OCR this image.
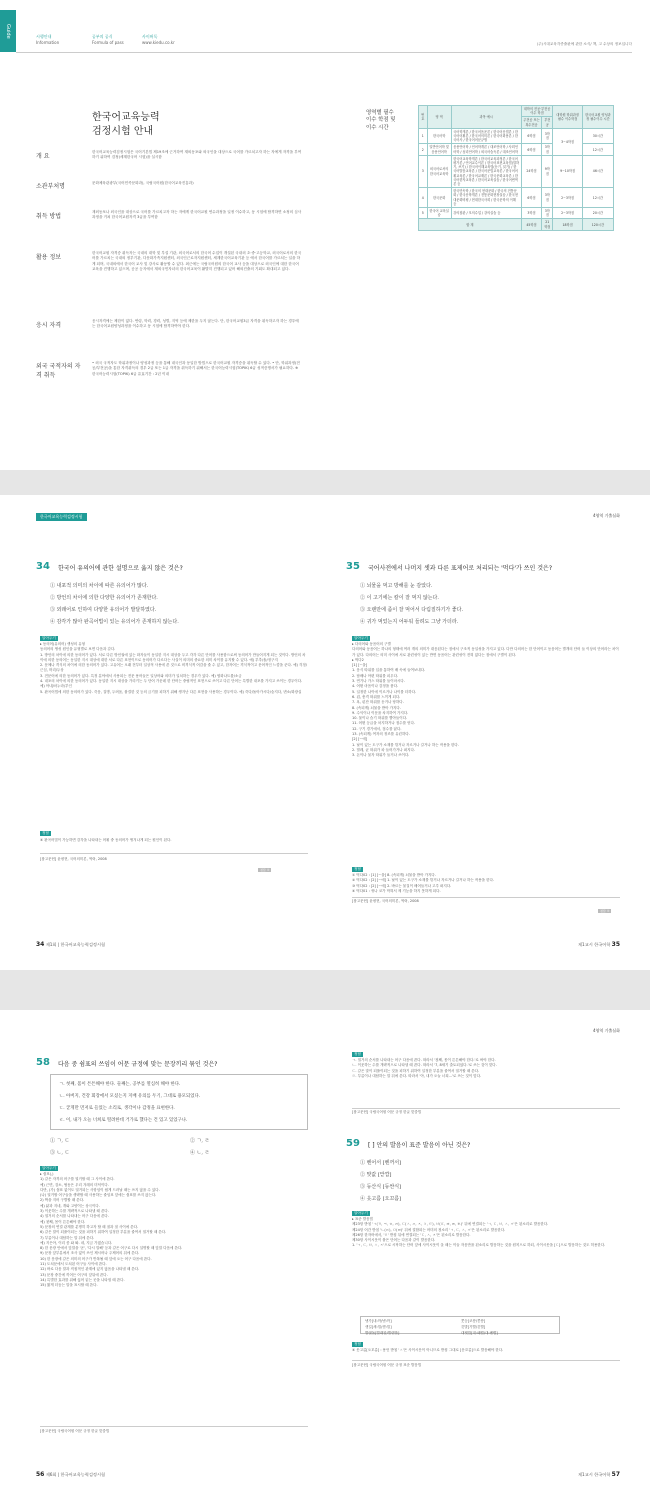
Guide	시행안내
Information
공부의 공식
Formula of pass
사이버독
www.kiedu.co.kr	(주)시대교육각종출판에 관한 소식/ 책, 고 수상의 정보입니다
한국어교육능력
검정시험 안내
개 요
한국어교육능력검정시험은 국어기본법 제19조에 근거하여 재외동포와 외국인을 대상으로 국어를 가르치고자 하는 자에게 자격을 부여하기 위하여 검정(세계한국어 시험)을 실시함
소관부처명	문화체육관광부(국어민족문화과), 국립국어원(한국어교육진흥과)
취득 방법
재외동포나 외국인을 대상으로 국어를 가르치고자 하는 자에게 한국어교원 연수과정을 일정 이수하고, 동 시험에 합격하면 소정의 심사과정을 거쳐 한국어교원자격 3급을 부여함
활용 정보
한국어교원 자격증 취득자는 국내의 대학 및 부설 기관, 외국어로서의 한국어 수업이 개설된 국내외 초·중·고등학교, 외국어로서의 한국어를 가르치는 국내외 정부기관, 다문화가족지원센터, 외국인근로자지원센터, 세계한국어교육기관 등 에서 한국어를 가르치는 일을 하게 되며, 국내외에서 한국어 교사 및 강사로 활동할 수 있다. 최근에는 국립국어원의 한국어 교사 등을 대상으로 외국인에 대한 한국어 교육을 진행하고 있으며, 공공 등지에서 재외국민자녀의 한국어교육이 활발히 진행되고 있어 해외진출의 기회도 확대되고 있다.
응시 자격
응시자격에는 제한이 없다. 연령, 학력, 경력, 성별, 지역 등에 제한을 두지 않는다. 단, 한국어교원3급 자격을 취득하고자 하는 경우에는 한국어교원양성과정을 이수하고 동 시험에 합격하여야 한다.
외국 국적자의 자격 취득
• 외국 국적자도 학위과정이나 양성과정 등을 통해 내국인과 동일한 방법으로 한국어교원 자격증을 취득할 수 있다. • 단, 학위과정(전공/부전공)을 통한 자격취득의 경우 2급 또는 1급 자격을 취득하기 위해서는 한국어능력시험(TOPIK) 6급 성적증명서가 필요하다. ※ 한국어능력시험(TOPIK) 6급 유효기간 : 2년 이내
영역별 필수
이수 학점 및
이수 시간
번호	영 역	과목 예시	대학의 전공·부전공 이수 학점		대학원 학위과정 필수 이수학점	한국어교원 양성과정 필수이수 시간
			주전공 또는 복수전공	부전공		
1	한국어학	국어학개론 / 한국어음운론 / 한국어문법론 / 한국어어휘론 / 한국어의미론 / 한국어화용론 / 한국어사 / 한국어어문규범	6학점	3학점	3~4학점	30시간
2	일반언어학 및 응용언어학	응용언어학 / 언어학개론 / 대조언어학 / 사회언어학 / 심리언어학 / 외국어습득론 / 대조언어학	6학점	3학점		12시간
3	외국어로서의 한국어교육학	한국어교육학개론 / 한국어교육과정론 / 한국어평가론 / 언어교수이론 / 한국어표현교육법(말하기, 쓰기) / 한국어이해교육법(듣기, 읽기) / 한국어발음교육론 / 한국어문법교육론 / 한국어어휘교육론 / 한국어교재론 / 한국문화교육론 / 한국어한자교육론 / 한국어교육실습 / 한국어번역론 등	24학점	9학점	9~10학점	46시간
4	한국문화	한국민속학 / 한국의 현대문화 / 한국의 전통문화 / 한국문학개론 / 전통문화현장실습 / 한국현대문화비평 / 현대한국사회 / 한국문학의 이해 등	6학점	3학점	2~3학점	12시간
5	한국어 교육실습	강의참관 / 모의수업 / 강의실습 등	3학점	3학점	2~3학점	20시간
합 계			45학점	21학점	18학점	120시간
한국어교육능력검정시험	4영역 기출심화
34 한국어 유의어에 관한 설명으로 옳지 않은 것은?
① 내포적 의미의 차이에 따른 유의어가 많다.
② 방언의 차이에 의한 다양한 유의어가 존재한다.
③ 외래어로 인하여 다양한 유의어가 발달하였다.
④ 감각가 많아 완곡어법이 있는 유의어가 존재하지 않는다.
알아두기
▸ 동의어(유의어) 생성의 유형
동의어의 생성 원인을 유형별로 보면 다음과 같다.
1. 방언의 차이에 의한 동의어가 있다. 서로 다른 방언권에 있는 화자들이 동일한 지시 대상을 두고 각각 다른 단어를 사용함으로써 동의어가 만들어지게 되는 것이다. 방언의 차이에 의한 동의어는 동일한 지시 대상에 대한 서로 다른 표현이므로 동의어가 다르다는 사실이 의미의 중요한 의미 차이를 유지할 수 있다. 예) 부추/솔/정구지
2. 문체나 격식의 차이에 의한 동의어가 있다. 고유어는 오래 전부터 일상적 사용에 쓴 것으로 비격식적 어감을 줄 수 있고, 한자어는 격식적이고 문어적인 느낌을 준다. 예) 걱정/근심, 머리/두상
3. 전문어에 의한 동의어가 있다. 특정 분야에서 사용되는 전문 용어들은 일상어와 의미가 일치하는 경우가 있다. 예) 염화나트륨/소금
4. 내포의 차이에 의한 동의어가 있다. 동일한 지시 대상을 가리키는 두 단어 가운데 한 단어는 중립적인 표현으로 쓰이고 다른 단어는 특별한 내포를 가지고 쓰이는 경우이다. 예) 아내/마누라/부인
5. 완곡어법에 의한 동의어가 있다. 죽음, 질병, 두려움, 불결한 것 등의 금기를 피하기 위해 생겨난 다른 표현을 사용하는 경우이다. 예) 죽다/돌아가시다/숨지다, 변소/화장실
정답
④ 완곡어법이 가능하면 감각을 나타내는 어휘 중 동의어가 생겨나게 되는 원인이 된다.
[참고문헌] 윤평현, 국어의미론, 역락, 2008
정답 ④
35 국어사전에서 나머지 셋과 다른 표제어로 처리되는 '먹다'가 쓰인 것은?
① 뇌물을 먹고 방해를 눈 감았다.
② 이 고기에는 칼이 잘 먹지 않는다.
③ 오랜만에 좀이 잘 먹어서 다림질하기가 좋다.
④ 귀가 먹었는지 어두워 들려도 그냥 가더라.
알아두기
▸ 다의어와 동음어의 구별
다의어와 동음어는 하나의 형태에 여러 개의 의미가 대응된다는 점에서 구조적 동일성을 가지고 있다. 다만 다의어는 한 단어이고 동음어는 별개의 단어 들 이상의 단어라는 차이가 있다. 다의어는 의미 사이에 서로 관련성이 있는 반면 동음어는 관련성이 전혀 없다는 점에서 구별이 된다.
▸ 먹다2
[1] [~을]
1. 음식 따위를 입을 통하여 배 속에 들여보내다.
2. 담배나 아편 따위를 피우다.
3. 연기나 가스 따위를 들이마시다.
4. 어떤 마음이나 감정을 품다.
5. 일정한 나이에 이르거나 나이를 더하다.
6. 겁, 충격 따위를 느끼게 되다.
7. 욕, 핀잔 따위를 듣거나 당하다.
8. (속되게) 뇌물을 받아 가지다.
9. 수익이나 이문을 차지하여 가지다.
10. 물이나 습기 따위를 빨아들이다.
11. 어떤 등급을 차지하거나 점수를 얻다.
12. 구기 경기에서, 점수를 잃다.
13. (속되게) 여자의 정조를 유린하다.
[2] [~에]
1. 날이 있는 도구가 소재를 깎거나 자르거나 갈거나 하는 작용을 한다.
2. 벌레, 균 따위가 파 들어가거나 퍼지다.
3. 돈이나 물자 따위가 들거나 쓰이다.
정답
① 먹다02 : [1] [~을] 8. (속되게) 뇌물을 받아 가지다.
② 먹다02 : [2] [~에] 1. 날이 있는 도구가 소재를 깎거나 자르거나 갈거나 하는 작용을 한다.
③ 먹다02 : [2] [~에] 2. 바르는 물질이 배어들거나 고루 퍼지다.
④ 먹다01 : 귀나 코가 막혀서 제 기능을 하지 못하게 되다.
[참고문헌] 윤평현, 국어의미론, 역락, 2008
정답 ④
34 제1회 | 한국어교육능력검정시험	제1교시 한국어학 35
4영역 기출심화
58 다음 중 쉼표의 쓰임이 어문 규정에 맞는 문장끼리 묶인 것은?
ㄱ. 첫째, 몸이 튼튼해야 한다. 둘째는, 공부를 열심히 해야 한다.
ㄴ. 아버지, 건강 회장에서 모셨는지 지배 유의를 두기, 그대로 용모되었다.
ㄷ. 굳게만 먼저로 들었는 소리로, 생각이나 감정을 표현한다.
ㄹ. 이, 내가 오늘 너희로 떨려한데 거가로 했다는 건 있고 있었구나.
① ㄱ, ㄷ	② ㄱ, ㄹ
③ ㄴ, ㄷ	④ ㄴ, ㄹ
알아두기
▸ 쉼표(,)
1) 같은 자격의 어구를 열거할 때 그 사이에 쓴다.
예) 근면, 검소, 협동은 우리 겨레의 미덕이다.
다만, (가) 쉼표 없이도 열거되는 사항임이 쉽게 드러날 때는 쓰지 않을 수 있다.
(나) 열거할 어구들을 생략할 때 사용하는 줄임표 앞에는 쉼표를 쓰지 않는다.
2) 짝을 지어 구별할 때 쓴다.
예) 닭과 지네, 개와 고양이는 상극이다.
3) 이웃하는 수를 개략적으로 나타낼 때 쓴다.
4) 열거의 순서를 나타내는 어구 다음에 쓴다.
예) 첫째, 몸이 튼튼해야 한다.
5) 문장의 연결 관계를 분명히 하고자 할 때 절과 절 사이에 쓴다.
6) 같은 말이 되풀이되는 것을 피하기 위하여 일정한 부분을 줄여서 열거할 때 쓴다.
7) 부름이나 대답하는 말 뒤에 쓴다.
예) 지은아, 이리 좀 와 봐. 네, 지금 가겠습니다.
8) 한 문장 안에서 앞말을 '곧', '다시 말해' 등과 같은 어구로 다시 설명할 때 앞말 다음에 쓴다.
9) 문장 앞부분에서 조사 없이 쓰인 제시어나 주제어의 뒤에 쓴다.
10) 한 문장에 같은 의미의 어구가 반복될 때 앞에 오는 어구 다음에 쓴다.
11) 도치문에서 도치된 어구들 사이에 쓴다.
12) 바로 다음 말과 직접적인 관계에 있지 않음을 나타낼 때 쓴다.
13) 문장 중간에 끼어든 어구의 앞뒤에 쓴다.
14) 특별한 효과를 위해 끊어 읽는 곳을 나타낼 때 쓴다.
15) 짧게 더듬는 말을 표시할 때 쓴다.
[참고문헌] 국립국어원 어문 규정 한글 맞춤법
정답
ㄱ. 열거의 순서를 나타내는 어구 다음에 쓴다. 따라서 '첫째, 몸이 튼튼해야 한다.'로 써야 한다.
ㄴ. 이웃하는 수를 개략적으로 나타낼 때 쓴다. 따라서 '7, 8세기 출토되었다.'로 쓰는 것이 맞다.
ㄷ. 같은 말이 되풀이되는 것을 피하기 위하여 일정한 부분을 줄여서 열거할 때 쓴다.
ㄹ. 부름이나 대답하는 말 뒤에 쓴다. 따라서 '아, 내가 오늘 너희…'로 쓰는 것이 맞다.
[참고문헌] 국립국어원 어문 규정 한글 맞춤법
59 [ ] 안의 발음이 표준 발음이 아닌 것은?
① 벤어서 [벤꺼서]
② 맞값 [맏깝]
③ 등산식 [등싼식]
④ 옷고름 [오꼬름]
알아두기
▸ 표준 발음법
제23항 받침 'ㄱ(ㄲ, ㅋ, ㄳ, ㄺ), ㄷ(ㅅ, ㅆ, ㅈ, ㅊ, ㅌ), ㅂ(ㅍ, ㄼ, ㄿ, ㅄ)' 뒤에 연결되는 'ㄱ, ㄷ, ㅂ, ㅅ, ㅈ'은 된소리로 발음한다.
제24항 어간 받침 'ㄴ(ㄵ), ㅁ(ㄻ)' 뒤에 결합되는 어미의 첫소리 'ㄱ, ㄷ, ㅅ, ㅈ'은 된소리로 발음한다.
제26항 한자어에서, 'ㄹ' 받침 뒤에 연결되는 'ㄷ, ㅅ, ㅈ'은 된소리로 발음한다.
제30항 사이시옷이 붙은 단어는 다음과 같이 발음한다.
1. 'ㄱ, ㄷ, ㅂ, ㅅ, ㅈ'으로 시작하는 단어 앞에 사이시옷이 올 때는 이들 자음만을 된소리로 발음하는 것을 원칙으로 하되, 사이시옷을 [ㄷ]으로 발음하는 것도 허용한다.
냇가[내:까/낻:까]
샛길[새:낄/샏:낄]
빨랫돌[빨래똘/빨랟똘]
콧등[코뜽/콛뜽]
깃발[기빨/긷빨]
대팻밥[대:패빱/대:팯빱]
정답
④ 옷고름[오꼬름] : 용언 받침 'ㅅ'은 사이시옷이 아니므로 받침 그대로 [옫꼬름]으로 발음해야 한다.
[참고문헌] 국립국어원 어문 규정 표준 발음법
56 제6회 | 한국어교육능력검정시험	제1교시 한국어학 57
